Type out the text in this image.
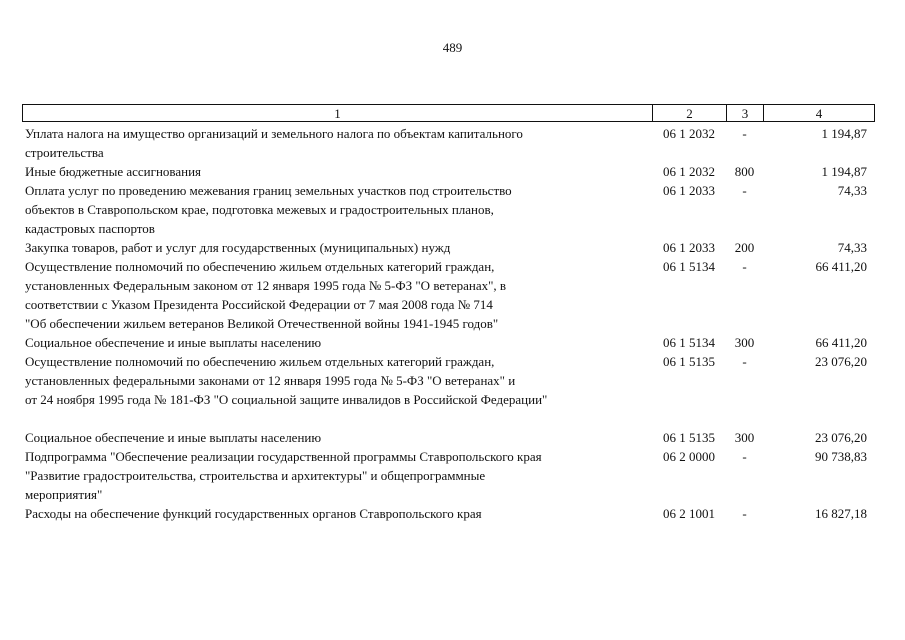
489
1	2	3	4
Уплата налога на имущество организаций и земельного налога по объектам капитального
строительства
06 1 2032	-	1 194,87
Иные бюджетные ассигнования	06 1 2032	800	1 194,87
Оплата услуг по проведению межевания границ земельных участков под строительство
объектов в Ставропольском крае, подготовка межевых и градостроительных планов,
кадастровых паспортов
06 1 2033	-	74,33
Закупка товаров, работ и услуг для государственных (муниципальных) нужд	06 1 2033	200	74,33
Осуществление полномочий по обеспечению жильем отдельных категорий граждан,
установленных Федеральным законом от 12 января 1995 года № 5-ФЗ "О ветеранах", в
соответствии с Указом Президента Российской Федерации от 7 мая 2008 года № 714
"Об обеспечении жильем ветеранов Великой Отечественной войны 1941-1945 годов"
06 1 5134	-	66 411,20
Социальное обеспечение и иные выплаты населению	06 1 5134	300	66 411,20
Осуществление полномочий по обеспечению жильем отдельных категорий граждан,
установленных федеральными законами от 12 января 1995 года № 5-ФЗ "О ветеранах" и
от 24 ноября 1995 года № 181-ФЗ "О социальной защите инвалидов в Российской Федерации"
06 1 5135	-	23 076,20
Социальное обеспечение и иные выплаты населению	06 1 5135	300	23 076,20
Подпрограмма "Обеспечение реализации государственной программы Ставропольского края
"Развитие градостроительства, строительства и архитектуры" и общепрограммные
мероприятия"
06 2 0000	-	90 738,83
Расходы на обеспечение функций государственных органов Ставропольского края	06 2 1001	-	16 827,18
